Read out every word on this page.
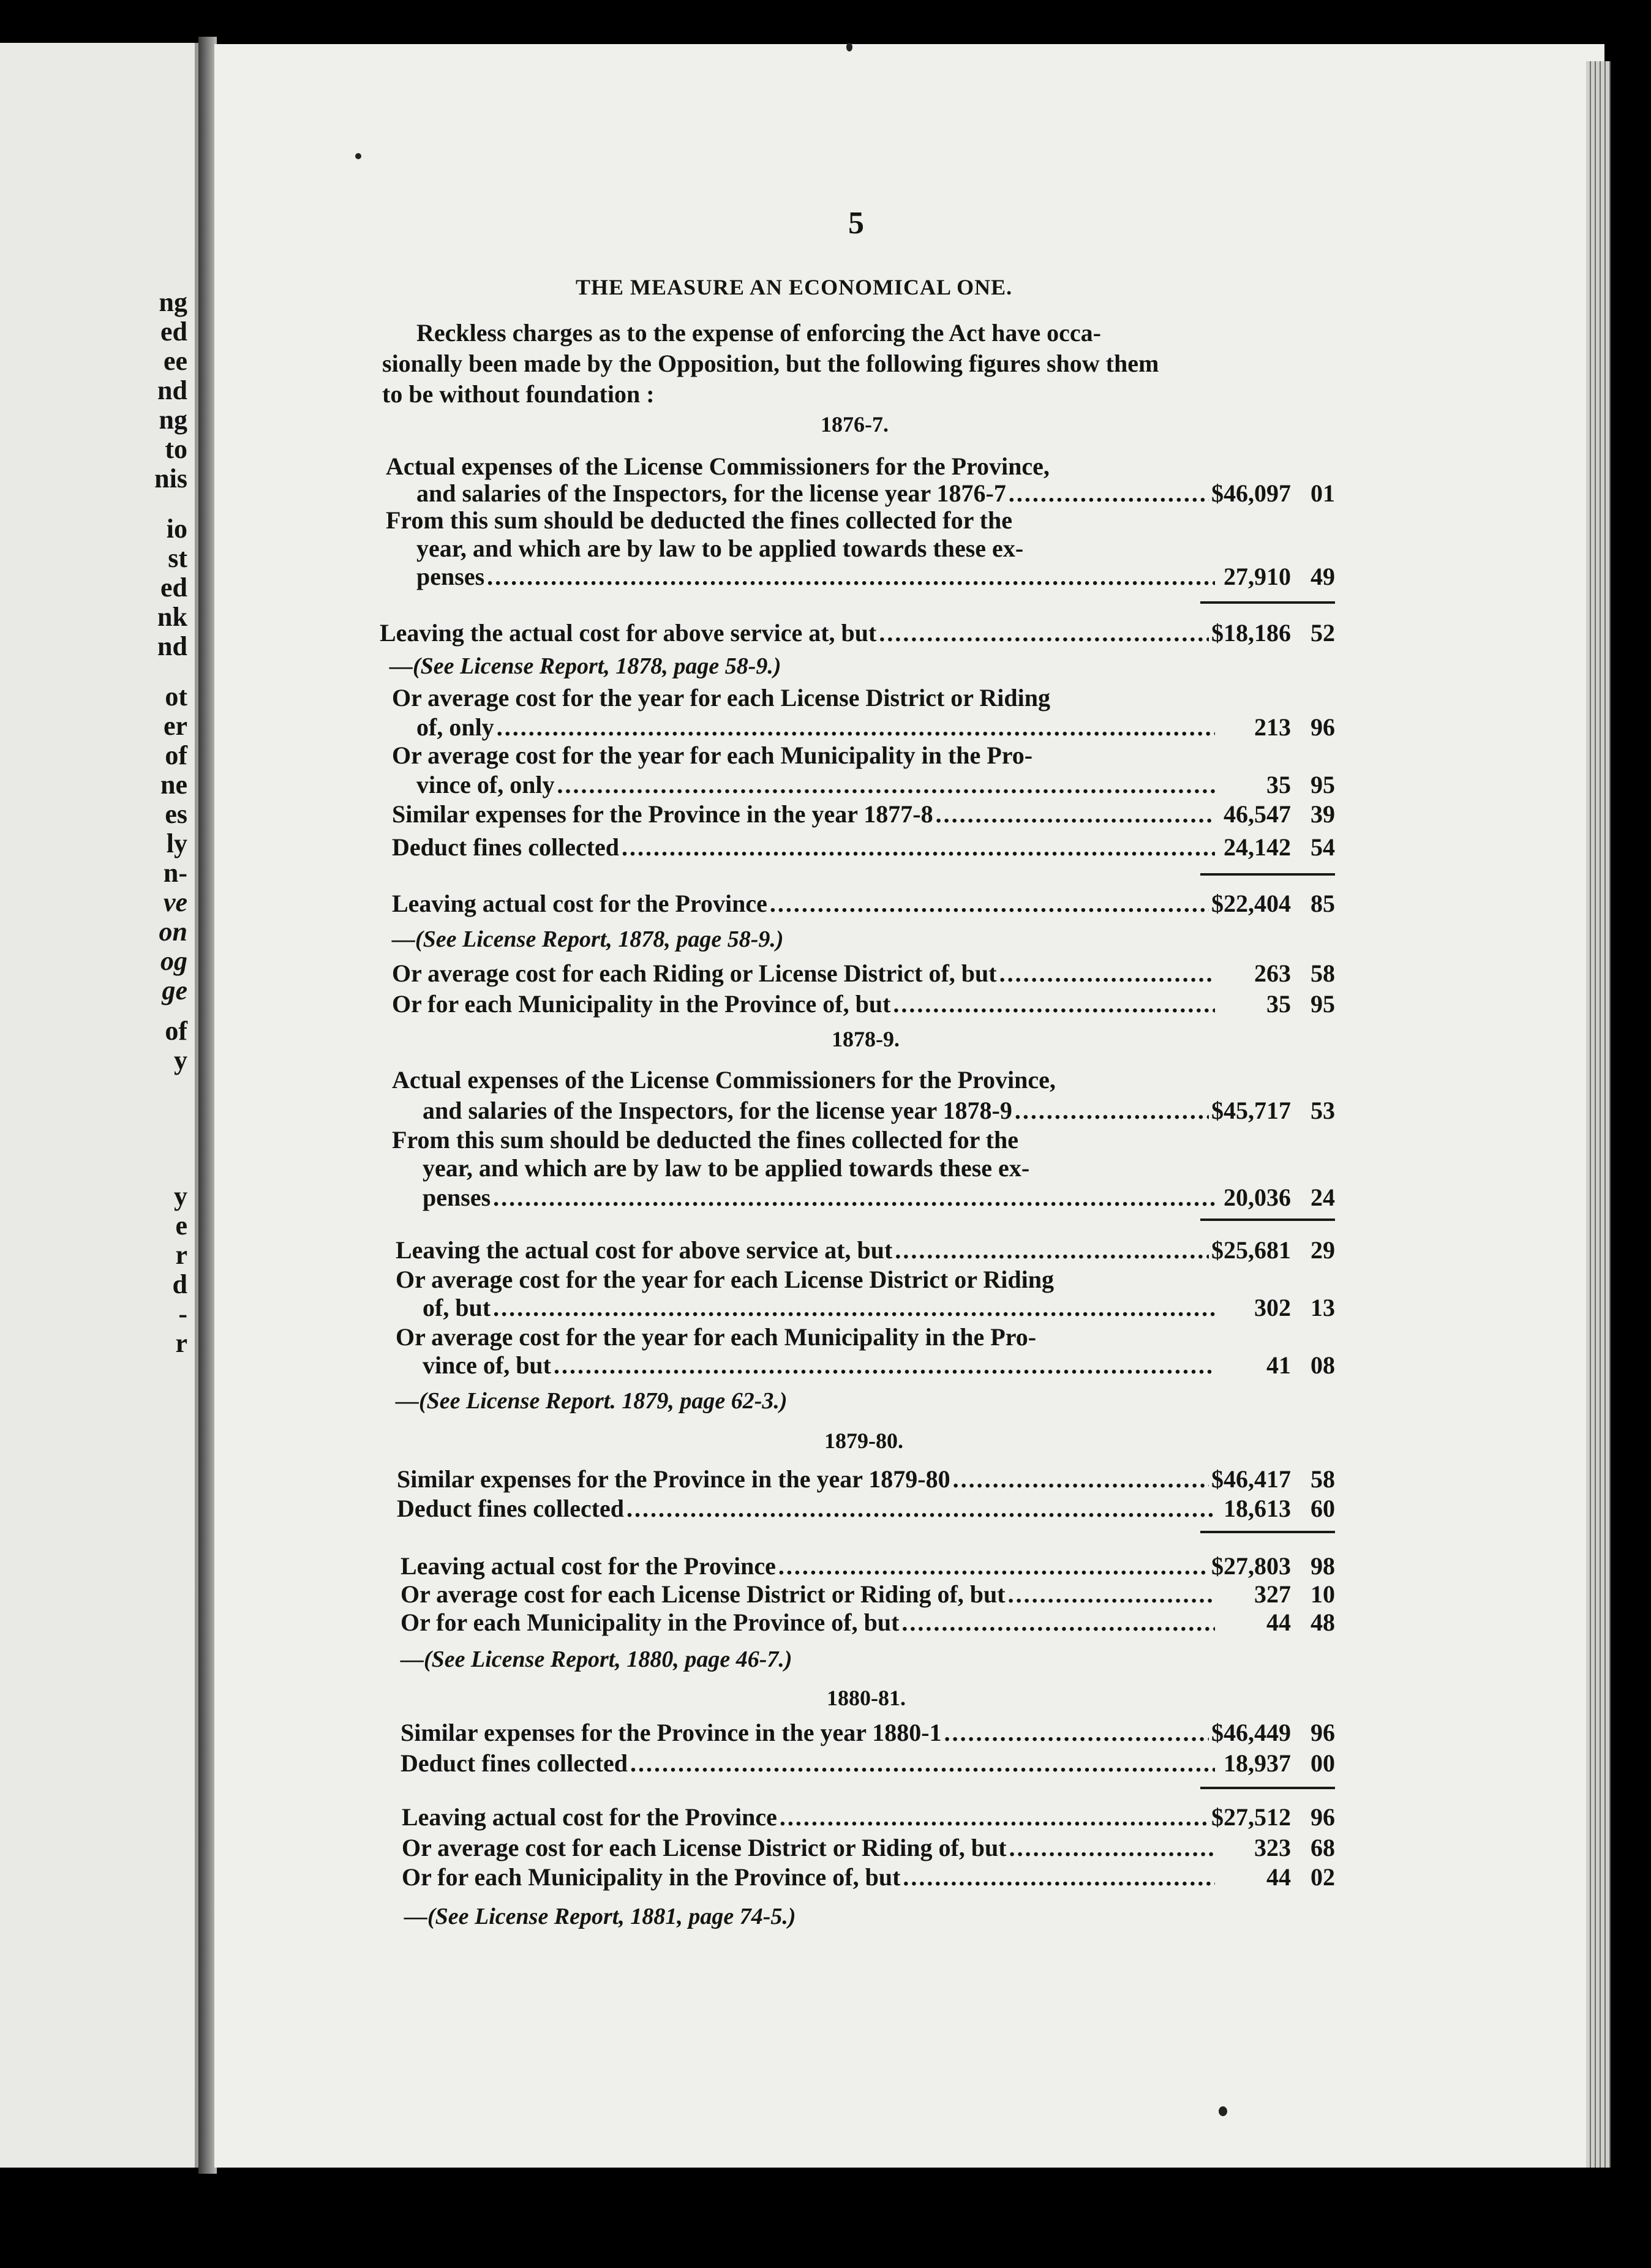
ng
ed
ee
nd
ng
to
nis
io
st
ed
nk
nd
ot
er
of
ne
es
ly
n-
ve
on
og
ge
of
y
y
e
r
d
-
r
5
THE MEASURE AN ECONOMICAL ONE.
Reckless charges as to the expense of enforcing the Act have occa-
sionally been made by the Opposition, but the following figures show them
to be without foundation :
1876-7.
Actual expenses of the License Commissioners for the Province,
and salaries of the Inspectors, for the license year 1876-7 .....	$46,097 01
From this sum should be deducted the fines collected for the
year, and which are by law to be applied towards these ex-
penses .....	27,910 49
Leaving the actual cost for above service at, but .....	$18,186 52
—(See License Report, 1878, page 58-9.)
Or average cost for the year for each License District or Riding
of, only .....	213 96
Or average cost for the year for each Municipality in the Pro-
vince of, only .....	35 95
Similar expenses for the Province in the year 1877-8 .....	46,547 39
Deduct fines collected .....	24,142 54
Leaving actual cost for the Province .....	$22,404 85
—(See License Report, 1878, page 58-9.)
Or average cost for each Riding or License District of, but .....	263 58
Or for each Municipality in the Province of, but .....	35 95
1878-9.
Actual expenses of the License Commissioners for the Province,
and salaries of the Inspectors, for the license year 1878-9 .....	$45,717 53
From this sum should be deducted the fines collected for the
year, and which are by law to be applied towards these ex-
penses .....	20,036 24
Leaving the actual cost for above service at, but .....	$25,681 29
Or average cost for the year for each License District or Riding
of, but .....	302 13
Or average cost for the year for each Municipality in the Pro-
vince of, but .....	41 08
—(See License Report. 1879, page 62-3.)
1879-80.
Similar expenses for the Province in the year 1879-80 .....	$46,417 58
Deduct fines collected .....	18,613 60
Leaving actual cost for the Province .....	$27,803 98
Or average cost for each License District or Riding of, but .....	327 10
Or for each Municipality in the Province of, but .....	44 48
—(See License Report, 1880, page 46-7.)
1880-81.
Similar expenses for the Province in the year 1880-1 .....	$46,449 96
Deduct fines collected .....	18,937 00
Leaving actual cost for the Province .....	$27,512 96
Or average cost for each License District or Riding of, but .....	323 68
Or for each Municipality in the Province of, but .....	44 02
—(See License Report, 1881, page 74-5.)
